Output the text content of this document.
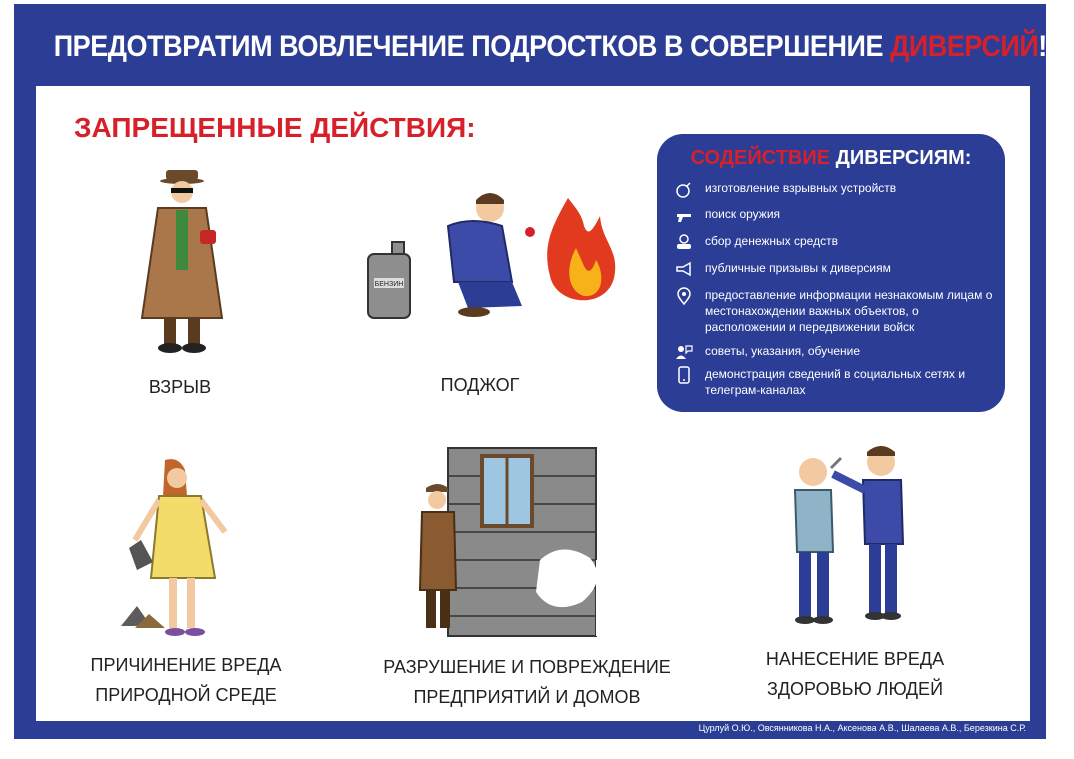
ПРЕДОТВРАТИМ ВОВЛЕЧЕНИЕ ПОДРОСТКОВ В СОВЕРШЕНИЕ ДИВЕРСИЙ!
ЗАПРЕЩЕННЫЕ ДЕЙСТВИЯ:
ВЗРЫВ
БЕНЗИН
ПОДЖОГ
СОДЕЙСТВИЕ ДИВЕРСИЯМ:
изготовление взрывных устройств
поиск оружия
сбор денежных средств
публичные призывы к диверсиям
предоставление информации незнакомым лицам о местонахождении важных объектов, о расположении и передвижении войск
советы, указания, обучение
демонстрация сведений в социальных сетях и телеграм-каналах
ПРИЧИНЕНИЕ ВРЕДА
ПРИРОДНОЙ СРЕДЕ
РАЗРУШЕНИЕ И ПОВРЕЖДЕНИЕ
ПРЕДПРИЯТИЙ И ДОМОВ
НАНЕСЕНИЕ ВРЕДА
ЗДОРОВЬЮ ЛЮДЕЙ
Цурлуй О.Ю., Овсянникова Н.А., Аксенова А.В., Шалаева А.В., Березкина С.Р.
